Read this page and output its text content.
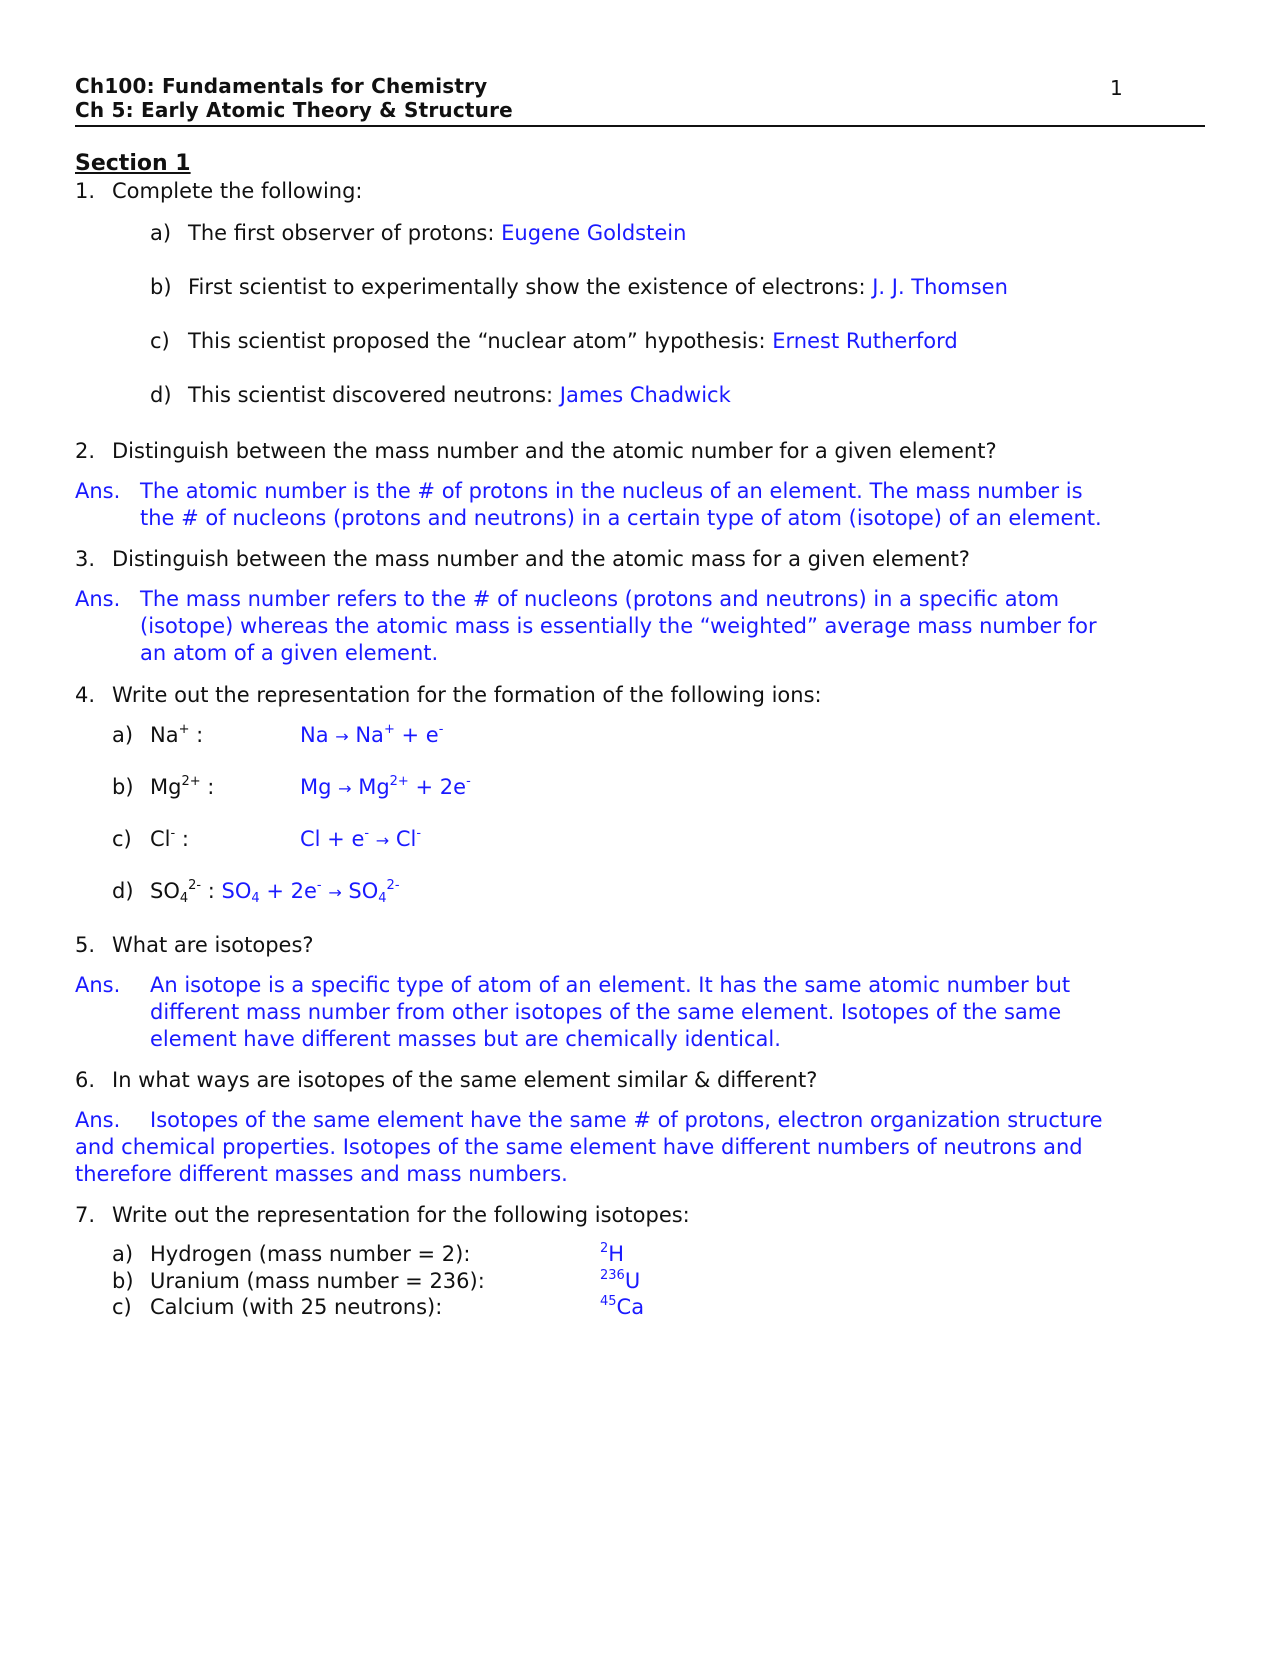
Ch100: Fundamentals for Chemistry
Ch 5: Early Atomic Theory & Structure
1
Section 1
1. Complete the following:
a) The first observer of protons: Eugene Goldstein
b) First scientist to experimentally show the existence of electrons: J. J. Thomsen
c) This scientist proposed the “nuclear atom” hypothesis: Ernest Rutherford
d) This scientist discovered neutrons: James Chadwick
2. Distinguish between the mass number and the atomic number for a given element?
Ans. The atomic number is the # of protons in the nucleus of an element. The mass number is
the # of nucleons (protons and neutrons) in a certain type of atom (isotope) of an element.
3. Distinguish between the mass number and the atomic mass for a given element?
Ans. The mass number refers to the # of nucleons (protons and neutrons) in a specific atom
(isotope) whereas the atomic mass is essentially the “weighted” average mass number for
an atom of a given element.
4. Write out the representation for the formation of the following ions:
a) Na+ :	Na → Na+ + e-
b) $Mg^{2+}$ :	$Mg \to Mg^{2+} + 2e^-$
c) Cl- :	Cl + e- → Cl-
d) $SO_4^{2-}$ : $SO_4 + 2e^- \to SO_4^{2-}$
5. What are isotopes?
Ans. An isotope is a specific type of atom of an element. It has the same atomic number but
different mass number from other isotopes of the same element. Isotopes of the same
element have different masses but are chemically identical.
6. In what ways are isotopes of the same element similar & different?
Ans. Isotopes of the same element have the same # of protons, electron organization structure
and chemical properties. Isotopes of the same element have different numbers of neutrons and
therefore different masses and mass numbers.
7. Write out the representation for the following isotopes:
a) Hydrogen (mass number = 2):	$^2$H
b) Uranium (mass number = 236):	$^{236}$U
c) Calcium (with 25 neutrons):	$^{45}$Ca
